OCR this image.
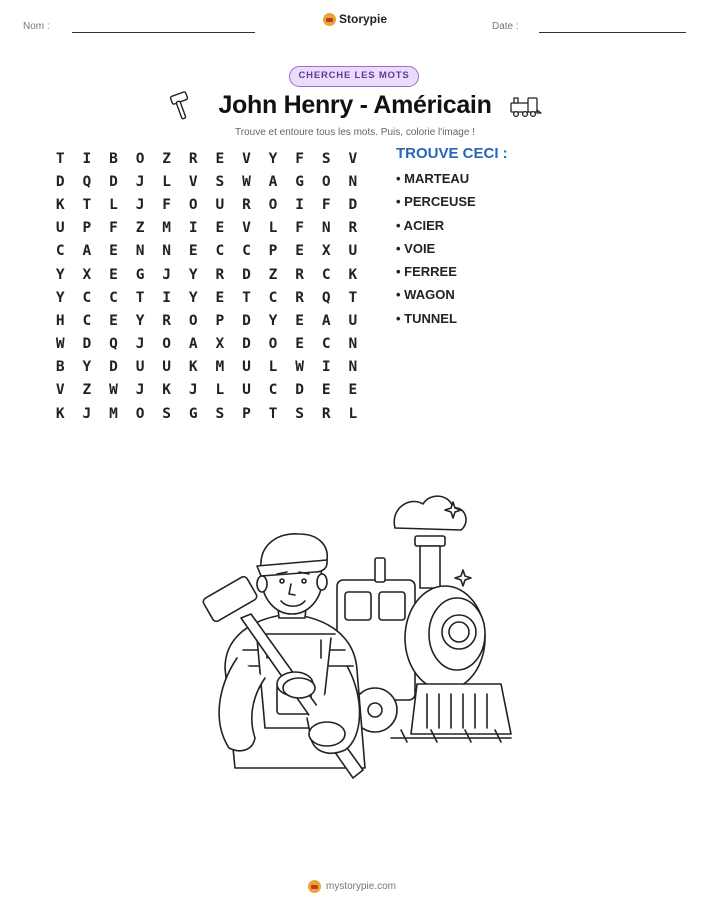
Nom :
Storypie
Date :
CHERCHE LES MOTS
John Henry - Américain
Trouve et entoure tous les mots. Puis, colorie l'image !
T	I	B	O	Z	R	E	V	Y	F	S	V
D	Q	D	J	L	V	S	W	A	G	O	N
K	T	L	J	F	O	U	R	O	I	F	D
U	P	F	Z	M	I	E	V	L	F	N	R
C	A	E	N	N	E	C	C	P	E	X	U
Y	X	E	G	J	Y	R	D	Z	R	C	K
Y	C	C	T	I	Y	E	T	C	R	Q	T
H	C	E	Y	R	O	P	D	Y	E	A	U
W	D	Q	J	O	A	X	D	O	E	C	N
B	Y	D	U	U	K	M	U	L	W	I	N
V	Z	W	J	K	J	L	U	C	D	E	E
K	J	M	O	S	G	S	P	T	S	R	L
TROUVE CECI :
• MARTEAU
• PERCEUSE
• ACIER
• VOIE
• FERREE
• WAGON
• TUNNEL
mystorypie.com
